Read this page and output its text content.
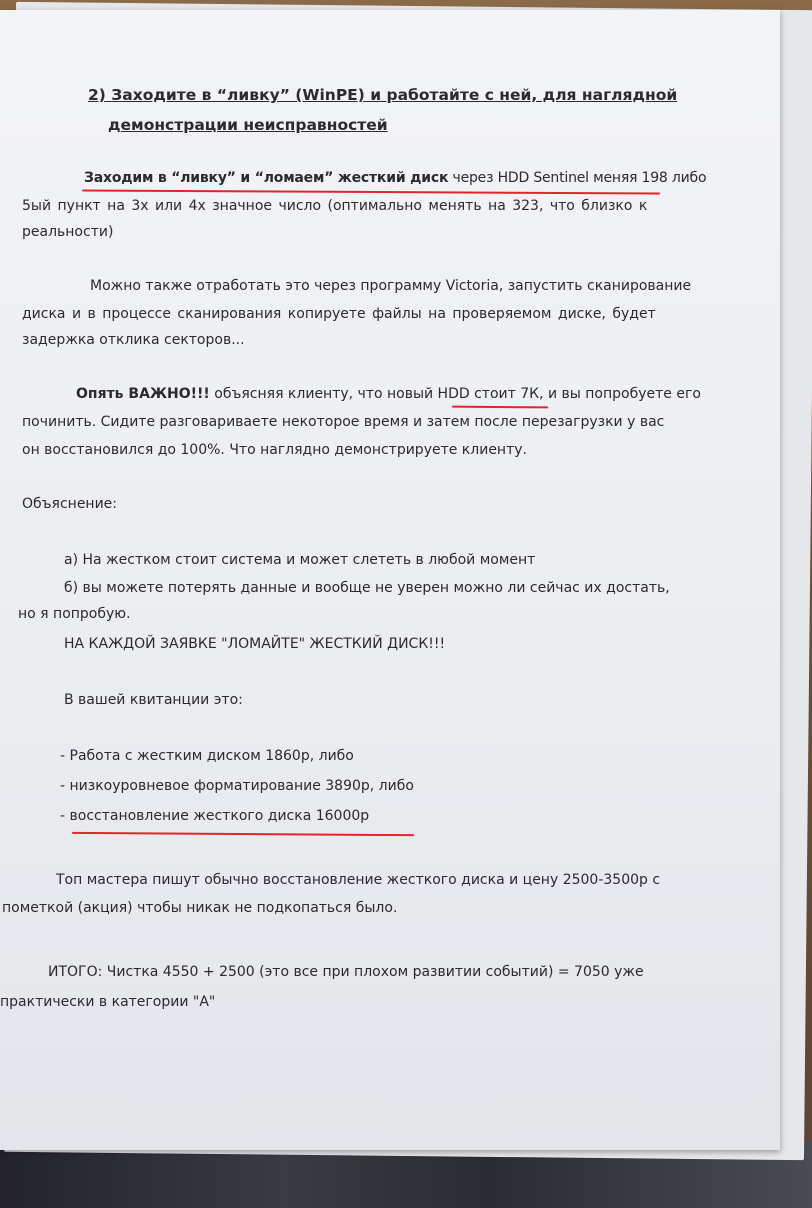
2) Заходите в “ливку” (WinPE) и работайте с ней, для наглядной
демонстрации неисправностей
Заходим в “ливку” и “ломаем” жесткий диск через HDD Sentinel меняя 198 либо
5ый пункт на 3х или 4х значное число (оптимально менять на 323, что близко к
реальности)
Можно также отработать это через программу Victoria, запустить сканирование
диска и в процессе сканирования копируете файлы на проверяемом диске, будет
задержка отклика секторов...
Опять ВАЖНО!!! объясняя клиенту, что новый HDD стоит 7К, и вы попробуете его
починить. Сидите разговариваете некоторое время и затем после перезагрузки у вас
он восстановился до 100%. Что наглядно демонстрируете клиенту.
Объяснение:
а) На жестком стоит система и может слететь в любой момент
б) вы можете потерять данные и вообще не уверен можно ли сейчас их достать,
но я попробую.
НА КАЖДОЙ ЗАЯВКЕ "ЛОМАЙТЕ" ЖЕСТКИЙ ДИСК!!!
В вашей квитанции это:
- Работа с жестким диском 1860р, либо
- низкоуровневое форматирование 3890р, либо
- восстановление жесткого диска 16000р
Топ мастера пишут обычно восстановление жесткого диска и цену 2500-3500р с
пометкой (акция) чтобы никак не подкопаться было.
ИТОГО: Чистка 4550 + 2500 (это все при плохом развитии событий) = 7050 уже
практически в категории "А"
